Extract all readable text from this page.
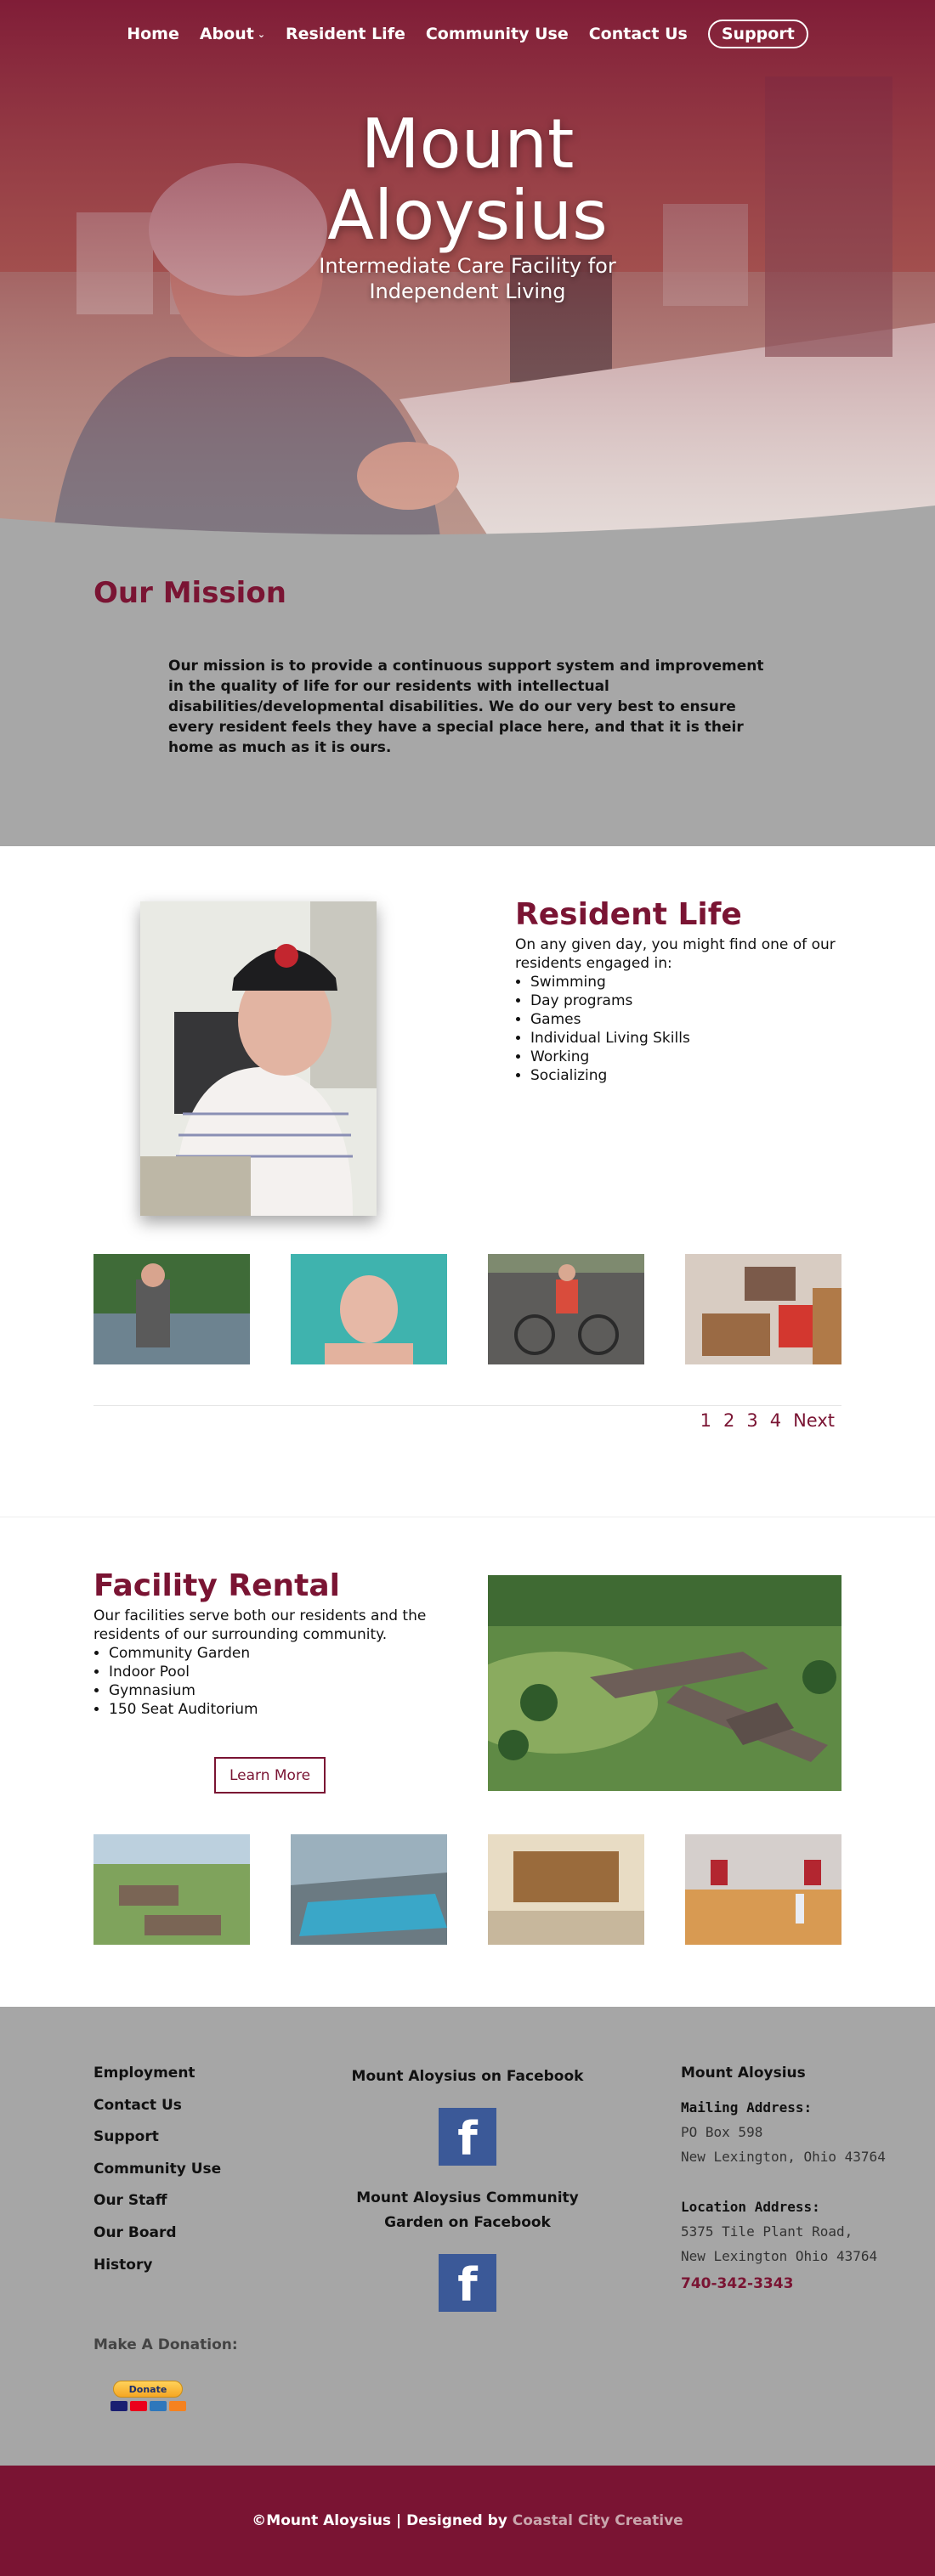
Home About ⌄ Resident Life Community Use Contact Us	Support
Mount
Aloysius
Intermediate Care Facility for
Independent Living
Our Mission

Our mission is to provide a continuous support system and improvement in the quality of life for our residents with intellectual disabilities/developmental disabilities. We do our very best to ensure every resident feels they have a special place here, and that it is their home as much as it is ours.

Resident Life

On any given day, you might find one of our residents engaged in:

• Swimming
• Day programs
• Games
• Individual Living Skills
• Working
• Socializing
1 2 3 4 Next
Facility Rental

Our facilities serve both our residents and the residents of our surrounding community.

• Community Garden
• Indoor Pool
• Gymnasium
• 150 Seat Auditorium
Learn More
Employment
Contact Us
Support
Community Use
Our Staff
Our Board
History
Make A Donation:
Donate
Mount Aloysius on Facebook
f
Mount Aloysius Community
Garden on Facebook
f
Mount Aloysius
Mailing Address:
PO Box 598
New Lexington, Ohio 43764
Location Address:
5375 Tile Plant Road,
New Lexington Ohio 43764
740-342-3343
©Mount Aloysius | Designed by
Coastal City Creative
